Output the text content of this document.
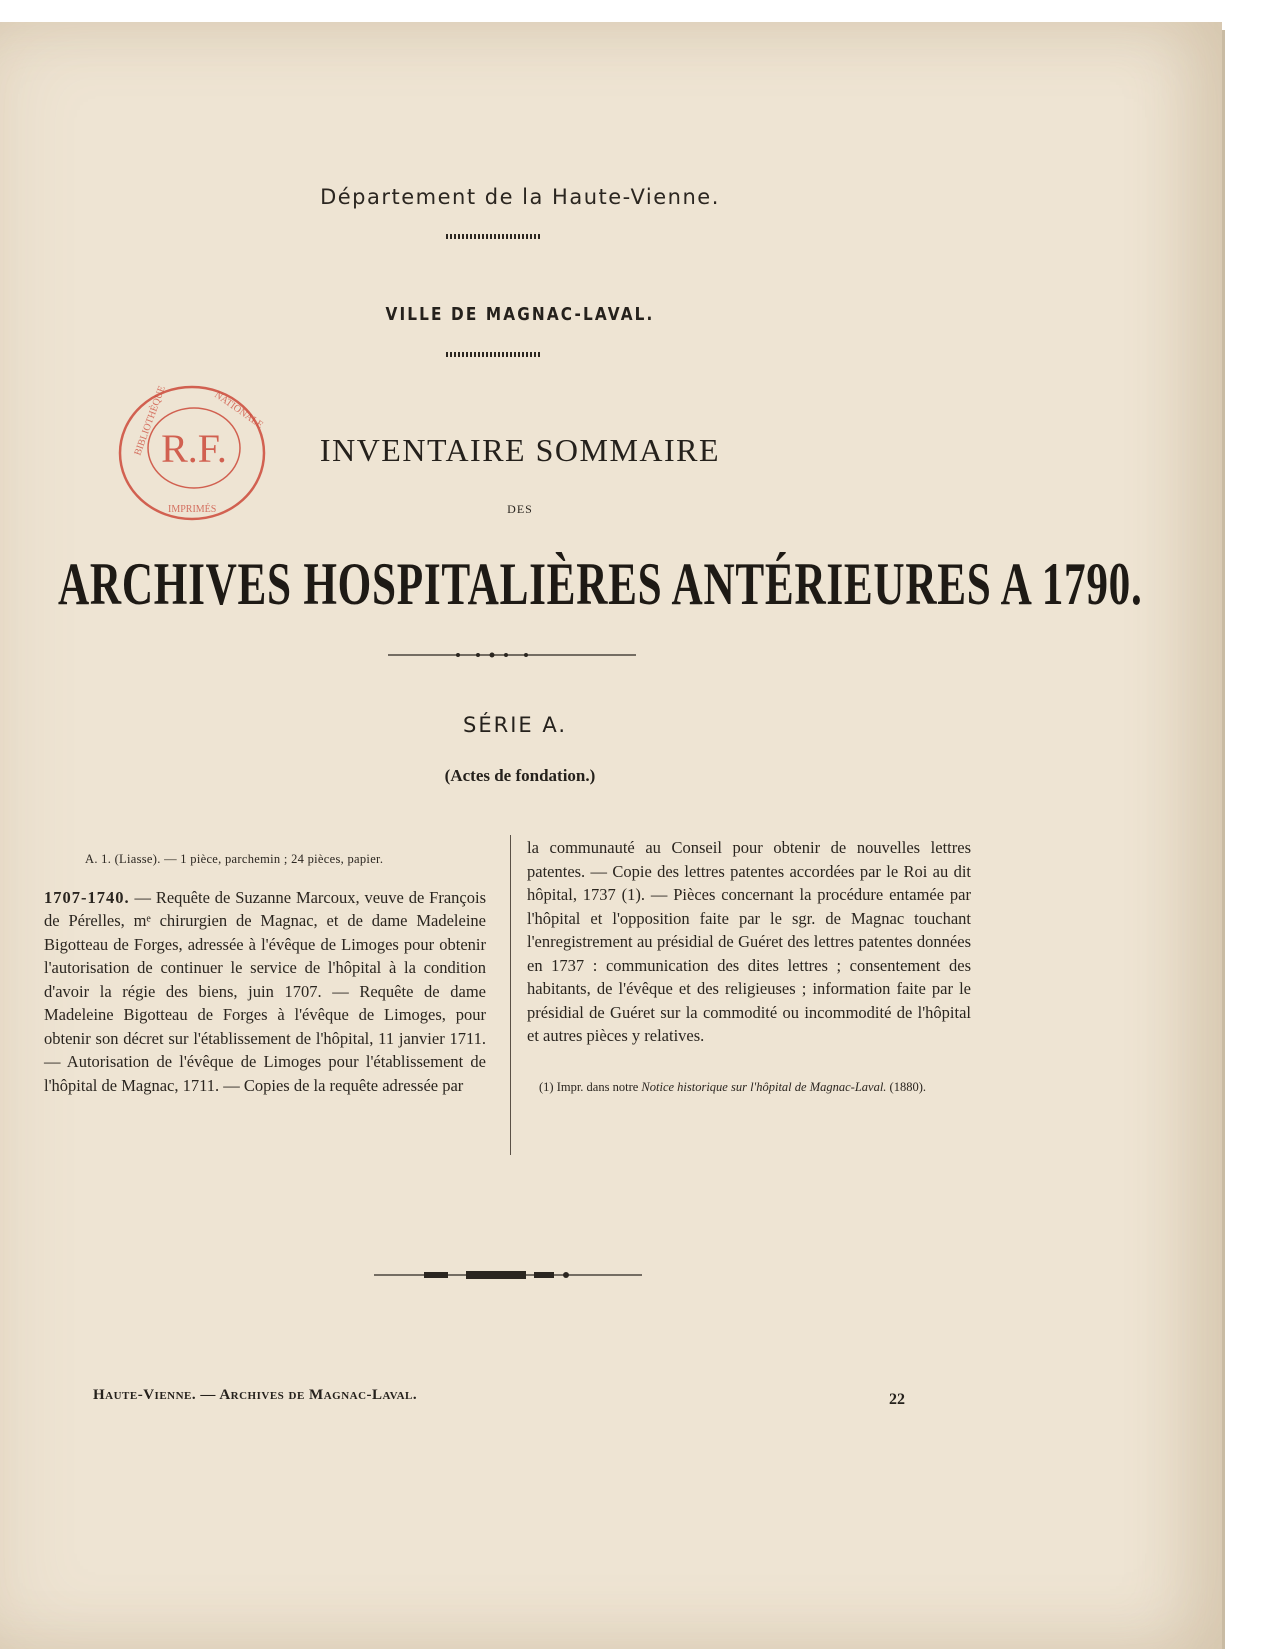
Département de la Haute-Vienne.
VILLE DE MAGNAC-LAVAL.
R.F.
BIBLIOTHÈQUE	NATIONALE
IMPRIMÉS
INVENTAIRE SOMMAIRE
DES
ARCHIVES HOSPITALIÈRES ANTÉRIEURES A 1790.
SÉRIE A.
(Actes de fondation.)

A. 1. (Liasse). — 1 pièce, parchemin ; 24 pièces, papier.

1707-1740. — Requête de Suzanne Marcoux, veuve de François de Pérelles, mᵉ chirurgien de Magnac, et de dame Madeleine Bigotteau de Forges, adressée à l'évêque de Limoges pour obtenir l'autorisation de continuer le service de l'hôpital à la condition d'avoir la régie des biens, juin 1707. — Requête de dame Madeleine Bigotteau de Forges à l'évêque de Limoges, pour obtenir son décret sur l'établissement de l'hôpital, 11 janvier 1711. — Autorisation de l'évêque de Limoges pour l'établissement de l'hôpital de Magnac, 1711. — Copies de la requête adressée par

la communauté au Conseil pour obtenir de nouvelles lettres patentes. — Copie des lettres patentes accordées par le Roi au dit hôpital, 1737 (1). — Pièces concernant la procédure entamée par l'hôpital et l'opposition faite par le sgr. de Magnac touchant l'enregistrement au présidial de Guéret des lettres patentes données en 1737 : communication des dites lettres ; consentement des habitants, de l'évêque et des religieuses ; information faite par le présidial de Guéret sur la commodité ou incommodité de l'hôpital et autres pièces y relatives.

(1) Impr. dans notre Notice historique sur l'hôpital de Magnac-Laval. (1880).

Haute-Vienne. — Archives de Magnac-Laval.	22
